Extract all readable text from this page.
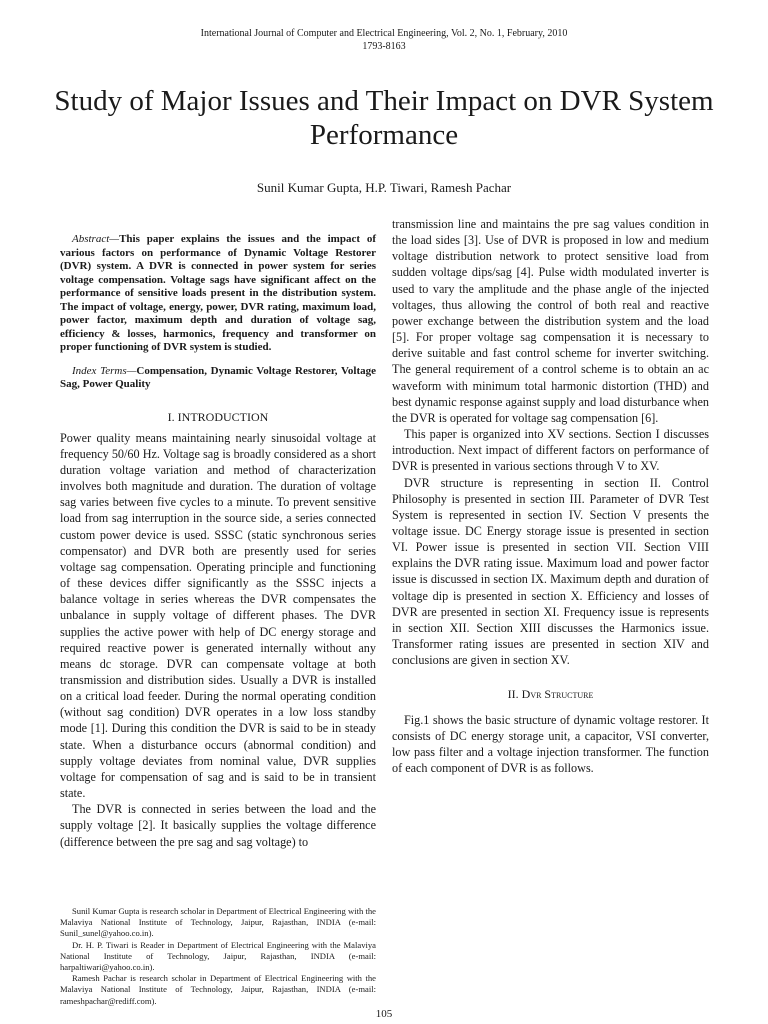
International Journal of Computer and Electrical Engineering, Vol. 2, No. 1, February, 2010
1793-8163
Study of Major Issues and Their Impact on DVR System Performance
Sunil Kumar Gupta, H.P. Tiwari, Ramesh Pachar

Abstract—This paper explains the issues and the impact of various factors on performance of Dynamic Voltage Restorer (DVR) system. A DVR is connected in power system for series voltage compensation. Voltage sags have significant affect on the performance of sensitive loads present in the distribution system. The impact of voltage, energy, power, DVR rating, maximum load, power factor, maximum depth and duration of voltage sag, efficiency & losses, harmonics, frequency and transformer on proper functioning of DVR system is studied.

Index Terms—Compensation, Dynamic Voltage Restorer, Voltage Sag, Power Quality

I. INTRODUCTION

Power quality means maintaining nearly sinusoidal voltage at frequency 50/60 Hz. Voltage sag is broadly considered as a short duration voltage variation and method of characterization involves both magnitude and duration. The duration of voltage sag varies between five cycles to a minute. To prevent sensitive load from sag interruption in the source side, a series connected custom power device is used. SSSC (static synchronous series compensator) and DVR both are presently used for series voltage sag compensation. Operating principle and functioning of these devices differ significantly as the SSSC injects a balance voltage in series whereas the DVR compensates the unbalance in supply voltage of different phases. The DVR supplies the active power with help of DC energy storage and required reactive power is generated internally without any means dc storage. DVR can compensate voltage at both transmission and distribution sides. Usually a DVR is installed on a critical load feeder. During the normal operating condition (without sag condition) DVR operates in a low loss standby mode [1]. During this condition the DVR is said to be in steady state. When a disturbance occurs (abnormal condition) and supply voltage deviates from nominal value, DVR supplies voltage for compensation of sag and is said to be in transient state.

The DVR is connected in series between the load and the supply voltage [2]. It basically supplies the voltage difference (difference between the pre sag and sag voltage) to

transmission line and maintains the pre sag values condition in the load sides [3]. Use of DVR is proposed in low and medium voltage distribution network to protect sensitive load from sudden voltage dips/sag [4]. Pulse width modulated inverter is used to vary the amplitude and the phase angle of the injected voltages, thus allowing the control of both real and reactive power exchange between the distribution system and the load [5]. For proper voltage sag compensation it is necessary to derive suitable and fast control scheme for inverter switching. The general requirement of a control scheme is to obtain an ac waveform with minimum total harmonic distortion (THD) and best dynamic response against supply and load disturbance when the DVR is operated for voltage sag compensation [6].

This paper is organized into XV sections. Section I discusses introduction. Next impact of different factors on performance of DVR is presented in various sections through V to XV.

DVR structure is representing in section II. Control Philosophy is presented in section III. Parameter of DVR Test System is represented in section IV. Section V presents the voltage issue. DC Energy storage issue is presented in section VI. Power issue is presented in section VII. Section VIII explains the DVR rating issue. Maximum load and power factor issue is discussed in section IX. Maximum depth and duration of voltage dip is presented in section X. Efficiency and losses of DVR are presented in section XI. Frequency issue is represents in section XII. Section XIII discusses the Harmonics issue. Transformer rating issues are presented in section XIV and conclusions are given in section XV.

II. Dvr Structure

Fig.1 shows the basic structure of dynamic voltage restorer. It consists of DC energy storage unit, a capacitor, VSI converter, low pass filter and a voltage injection transformer. The function of each component of DVR is as follows.

Sunil Kumar Gupta is research scholar in Department of Electrical Engineering with the Malaviya National Institute of Technology, Jaipur, Rajasthan, INDIA (e-mail: Sunil_sunel@yahoo.co.in).

Dr. H. P. Tiwari is Reader in Department of Electrical Engineering with the Malaviya National Institute of Technology, Jaipur, Rajasthan, INDIA (e-mail: harpaltiwari@yahoo.co.in).

Ramesh Pachar is research scholar in Department of Electrical Engineering with the Malaviya National Institute of Technology, Jaipur, Rajasthan, INDIA (e-mail: rameshpachar@rediff.com).

105
